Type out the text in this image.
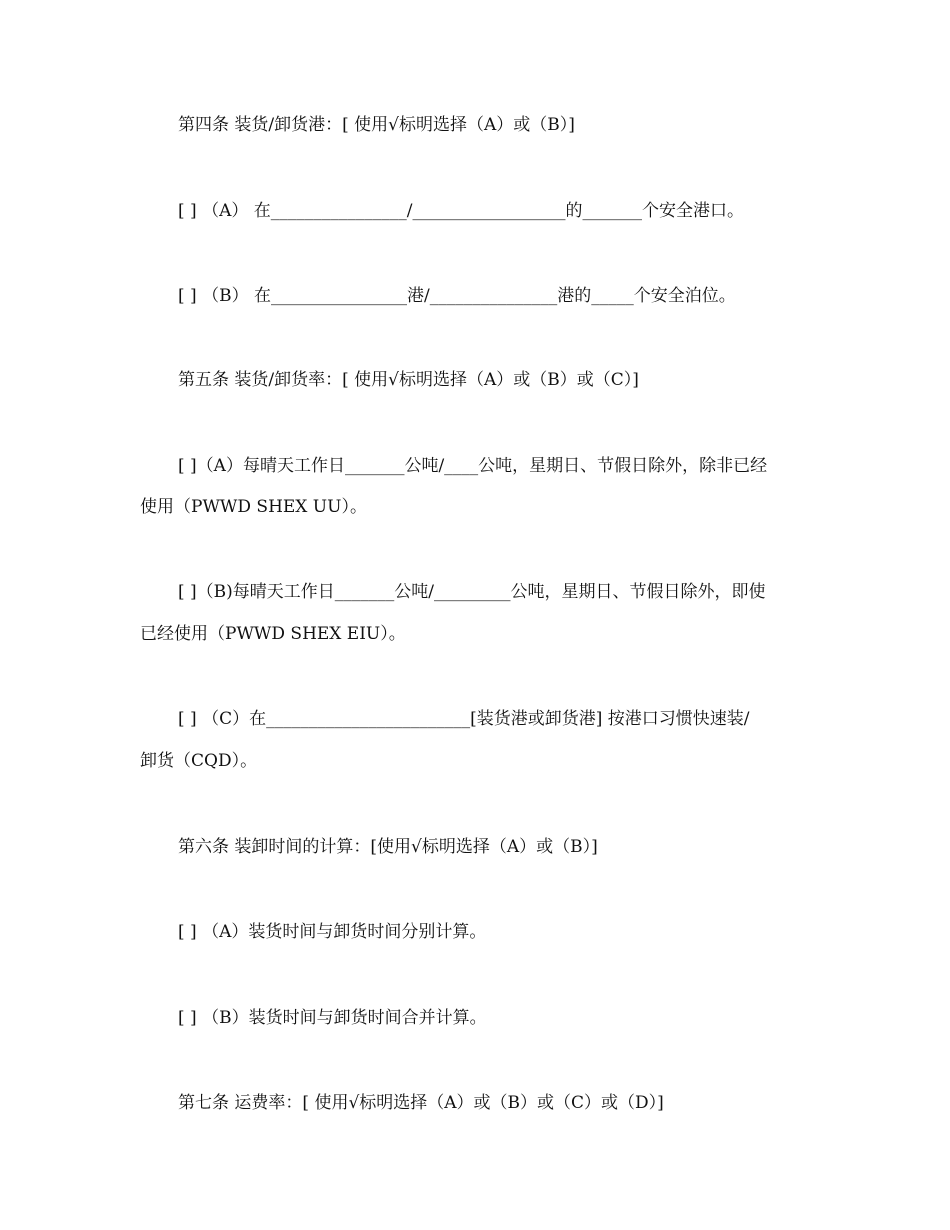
第四条 装货/卸货港：[ 使用√标明选择（A）或（B）]
[ ] （A） 在________________/__________________的_______个安全港口。
[ ] （B） 在________________港/_______________港的_____个安全泊位。
第五条 装货/卸货率：[ 使用√标明选择（A）或（B）或（C）]
[ ]（A）每晴天工作日_______公吨/____公吨，星期日、节假日除外，除非已经
使用（PWWD SHEX UU）。
[ ]（B)每晴天工作日_______公吨/_________公吨，星期日、节假日除外，即使
已经使用（PWWD SHEX EIU）。
[ ] （C）在________________________[装货港或卸货港] 按港口习惯快速装/
卸货（CQD）。
第六条 装卸时间的计算：[使用√标明选择（A）或（B）]
[ ] （A）装货时间与卸货时间分别计算。
[ ] （B）装货时间与卸货时间合并计算。
第七条 运费率：[ 使用√标明选择（A）或（B）或（C）或（D）]
